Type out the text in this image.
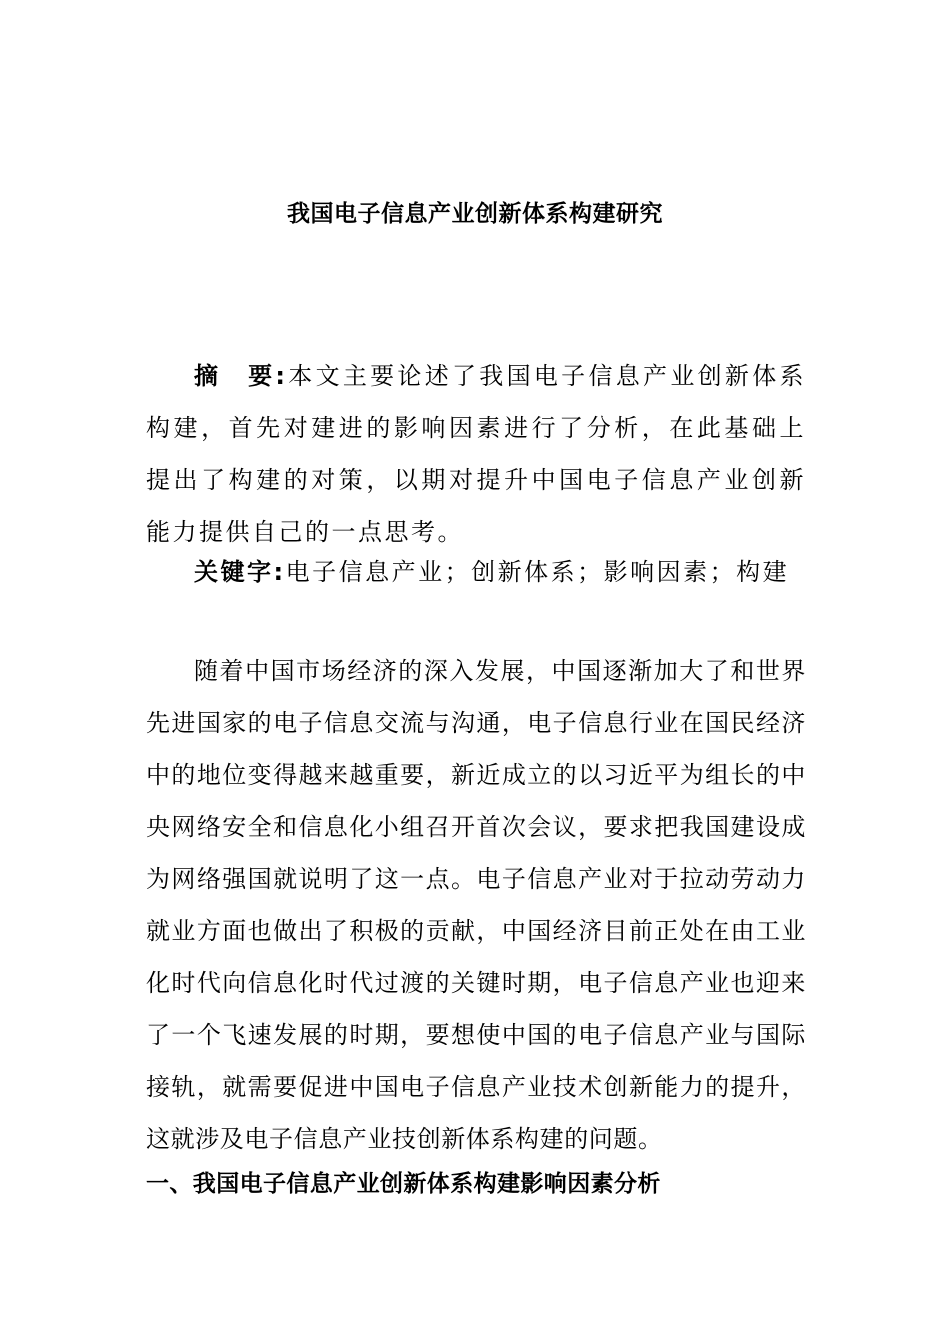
我国电子信息产业创新体系构建研究

摘 要:本文主要论述了我国电子信息产业创新体系构建，首先对建进的影响因素进行了分析，在此基础上提出了构建的对策，以期对提升中国电子信息产业创新能力提供自己的一点思考。

关键字:电子信息产业；创新体系；影响因素；构建

随着中国市场经济的深入发展，中国逐渐加大了和世界先进国家的电子信息交流与沟通，电子信息行业在国民经济中的地位变得越来越重要，新近成立的以习近平为组长的中央网络安全和信息化小组召开首次会议，要求把我国建设成为网络强国就说明了这一点。电子信息产业对于拉动劳动力就业方面也做出了积极的贡献，中国经济目前正处在由工业化时代向信息化时代过渡的关键时期，电子信息产业也迎来了一个飞速发展的时期，要想使中国的电子信息产业与国际接轨，就需要促进中国电子信息产业技术创新能力的提升，这就涉及电子信息产业技创新体系构建的问题。

一、我国电子信息产业创新体系构建影响因素分析
